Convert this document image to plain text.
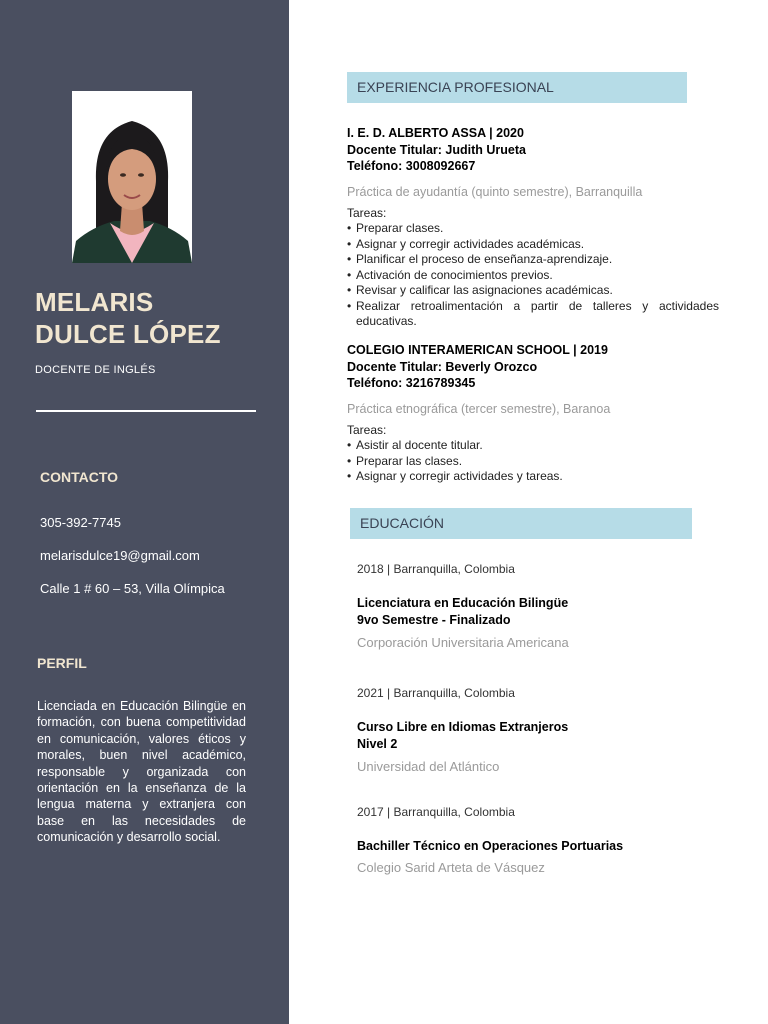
MELARIS
DULCE LÓPEZ
DOCENTE DE INGLÉS
CONTACTO
305-392-7745
melarisdulce19@gmail.com
Calle 1 # 60 – 53, Villa Olímpica
PERFIL
Licenciada en Educación Bilingüe en formación, con buena competitividad en comunicación, valores éticos y morales, buen nivel académico, responsable y organizada con orientación en la enseñanza de la lengua materna y extranjera con base en las necesidades de comunicación y desarrollo social.
EXPERIENCIA PROFESIONAL
I. E. D. ALBERTO ASSA | 2020
Docente Titular: Judith Urueta
Teléfono: 3008092667
Práctica de ayudantía (quinto semestre), Barranquilla
Tareas:
• Preparar clases.
• Asignar y corregir actividades académicas.
• Planificar el proceso de enseñanza-aprendizaje.
• Activación de conocimientos previos.
• Revisar y calificar las asignaciones académicas.
• Realizar retroalimentación a partir de talleres y actividades educativas.
COLEGIO INTERAMERICAN SCHOOL | 2019
Docente Titular: Beverly Orozco
Teléfono: 3216789345
Práctica etnográfica (tercer semestre), Baranoa
Tareas:
• Asistir al docente titular.
• Preparar las clases.
• Asignar y corregir actividades y tareas.
EDUCACIÓN
2018 | Barranquilla, Colombia
Licenciatura en Educación Bilingüe
9vo Semestre - Finalizado
Corporación Universitaria Americana
2021 | Barranquilla, Colombia
Curso Libre en Idiomas Extranjeros
Nivel 2
Universidad del Atlántico
2017 | Barranquilla, Colombia
Bachiller Técnico en Operaciones Portuarias
Colegio Sarid Arteta de Vásquez
